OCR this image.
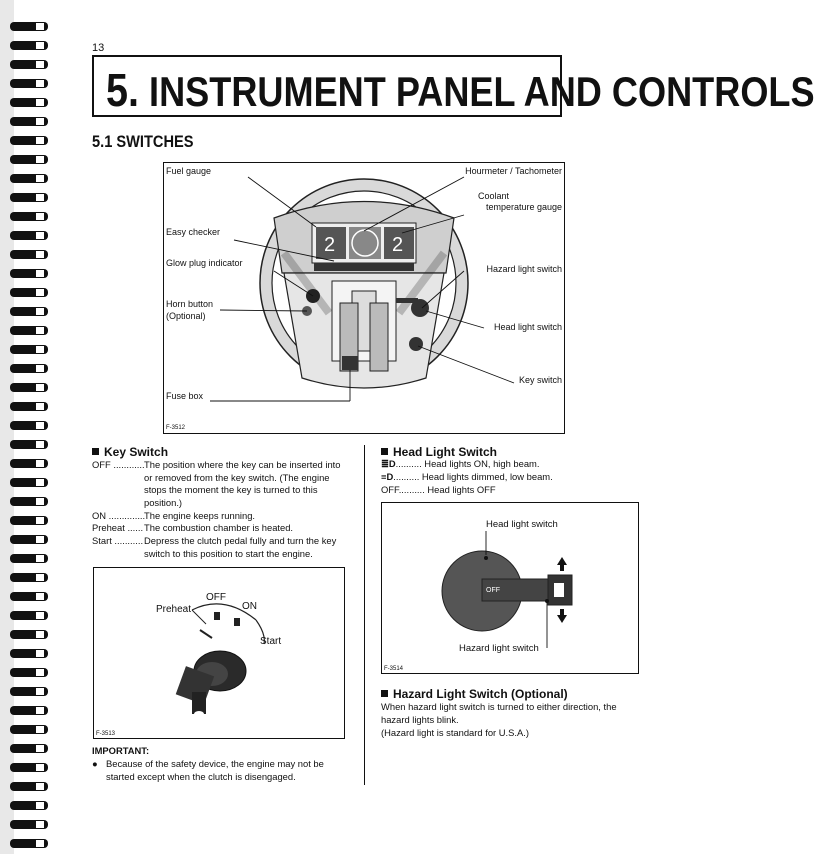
13
5. INSTRUMENT PANEL AND CONTROLS
5.1 SWITCHES
2	2
Fuel gauge	Hourmeter / Tachometer
Coolant
temperature gauge
Easy checker
Glow plug indicator
Hazard light switch
Horn button
(Optional)
Head light switch
Key switch
Fuse box
F-3512
Key Switch
OFF ............ The position where the key can be inserted into
or removed from the key switch. (The engine
stops the moment the key is turned to this
position.)
ON ..............
The engine keeps running.
Preheat ...... The combustion chamber is heated.
Start ........... Depress the clutch pedal fully and turn the key
switch to this position to start the engine.
OFF
ON
Preheat
Start
F-3513
IMPORTANT:
● Because of the safety device, the engine may not be
started except when the clutch is disengaged.
Head Light Switch
≣D.......... Head lights ON, high beam.
≡D.......... Head lights dimmed, low beam.
OFF.......... Head lights OFF
Head light switch
Hazard light switch
OFF
F-3514
Hazard Light Switch (Optional)
When hazard light switch is turned to either direction, the
hazard lights blink.
(Hazard light is standard for U.S.A.)
